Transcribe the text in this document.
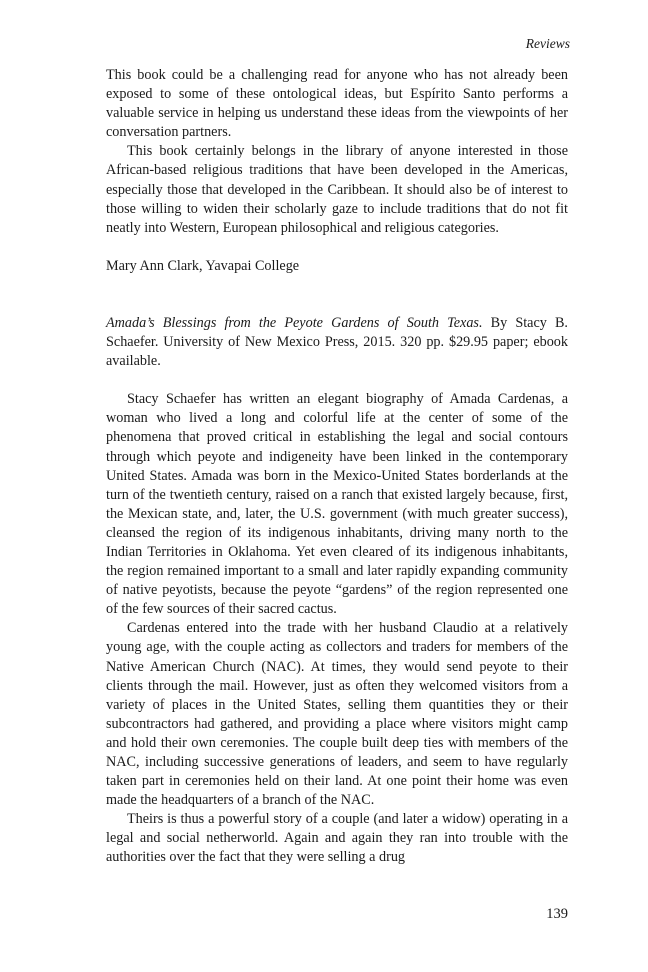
Reviews

This book could be a challenging read for anyone who has not already been exposed to some of these ontological ideas, but Espírito Santo performs a valuable service in helping us understand these ideas from the viewpoints of her conversation partners.

This book certainly belongs in the library of anyone interested in those African-based religious traditions that have been developed in the Americas, especially those that developed in the Caribbean. It should also be of interest to those willing to widen their scholarly gaze to include traditions that do not fit neatly into Western, European philosophical and religious categories.

Mary Ann Clark, Yavapai College

Amada’s Blessings from the Peyote Gardens of South Texas. By Stacy B. Schaefer. University of New Mexico Press, 2015. 320 pp. $29.95 paper; ebook available.

Stacy Schaefer has written an elegant biography of Amada Cardenas, a woman who lived a long and colorful life at the center of some of the phenomena that proved critical in establishing the legal and social contours through which peyote and indigeneity have been linked in the contemporary United States. Amada was born in the Mexico-United States borderlands at the turn of the twentieth century, raised on a ranch that existed largely because, first, the Mexican state, and, later, the U.S. government (with much greater success), cleansed the region of its indigenous inhabitants, driving many north to the Indian Territories in Oklahoma. Yet even cleared of its indigenous inhabitants, the region remained important to a small and later rapidly expanding community of native peyotists, because the peyote “gardens” of the region represented one of the few sources of their sacred cactus.

Cardenas entered into the trade with her husband Claudio at a relatively young age, with the couple acting as collectors and traders for members of the Native American Church (NAC). At times, they would send peyote to their clients through the mail. However, just as often they welcomed visitors from a variety of places in the United States, selling them quantities they or their subcontractors had gathered, and providing a place where visitors might camp and hold their own ceremonies. The couple built deep ties with members of the NAC, including successive generations of leaders, and seem to have regularly taken part in ceremonies held on their land. At one point their home was even made the headquarters of a branch of the NAC.

Theirs is thus a powerful story of a couple (and later a widow) operating in a legal and social netherworld. Again and again they ran into trouble with the authorities over the fact that they were selling a drug

139
